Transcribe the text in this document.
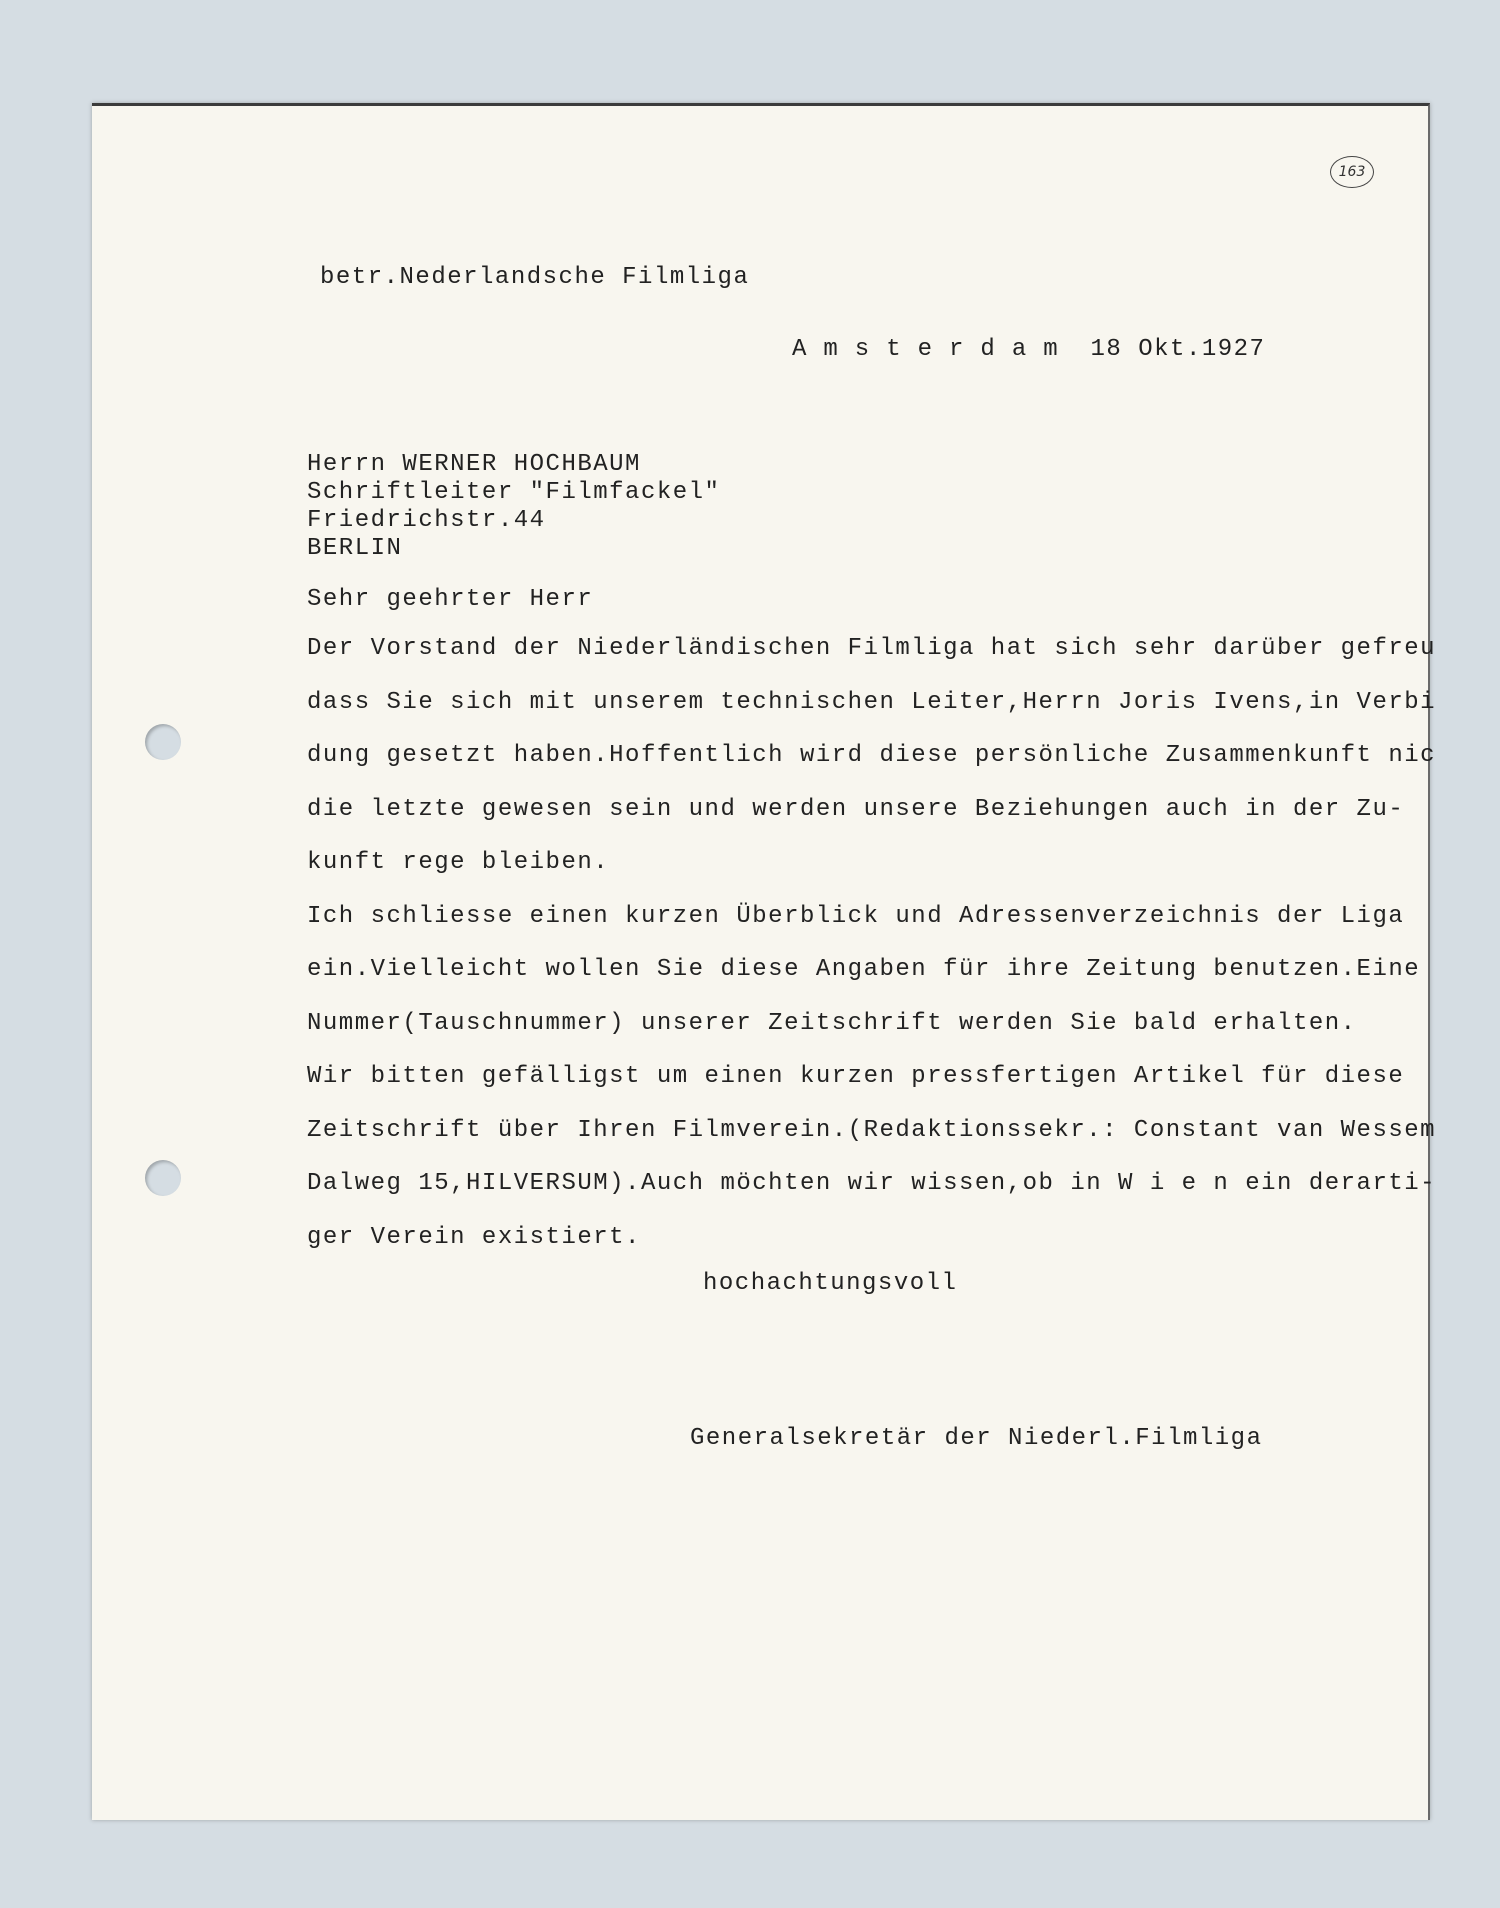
163

betr.Nederlandsche Filmliga

Amsterdam 18 Okt.1927

Herrn WERNER HOCHBAUM
Schriftleiter "Filmfackel"
Friedrichstr.44
BERLIN

Sehr geehrter Herr

Der Vorstand der Niederländischen Filmliga hat sich sehr darüber gefreu
dass Sie sich mit unserem technischen Leiter,Herrn Joris Ivens,in Verbi
dung gesetzt haben.Hoffentlich wird diese persönliche Zusammenkunft nic
die letzte gewesen sein und werden unsere Beziehungen auch in der Zu-
kunft rege bleiben.
Ich schliesse einen kurzen Überblick und Adressenverzeichnis der Liga
ein.Vielleicht wollen Sie diese Angaben für ihre Zeitung benutzen.Eine
Nummer(Tauschnummer) unserer Zeitschrift werden Sie bald erhalten.
Wir bitten gefälligst um einen kurzen pressfertigen Artikel für diese
Zeitschrift über Ihren Filmverein.(Redaktionssekr.: Constant van Wessem
Dalweg 15,HILVERSUM).Auch möchten wir wissen,ob in W i e n ein derarti-
ger Verein existiert.

hochachtungsvoll

Generalsekretär der Niederl.Filmliga
